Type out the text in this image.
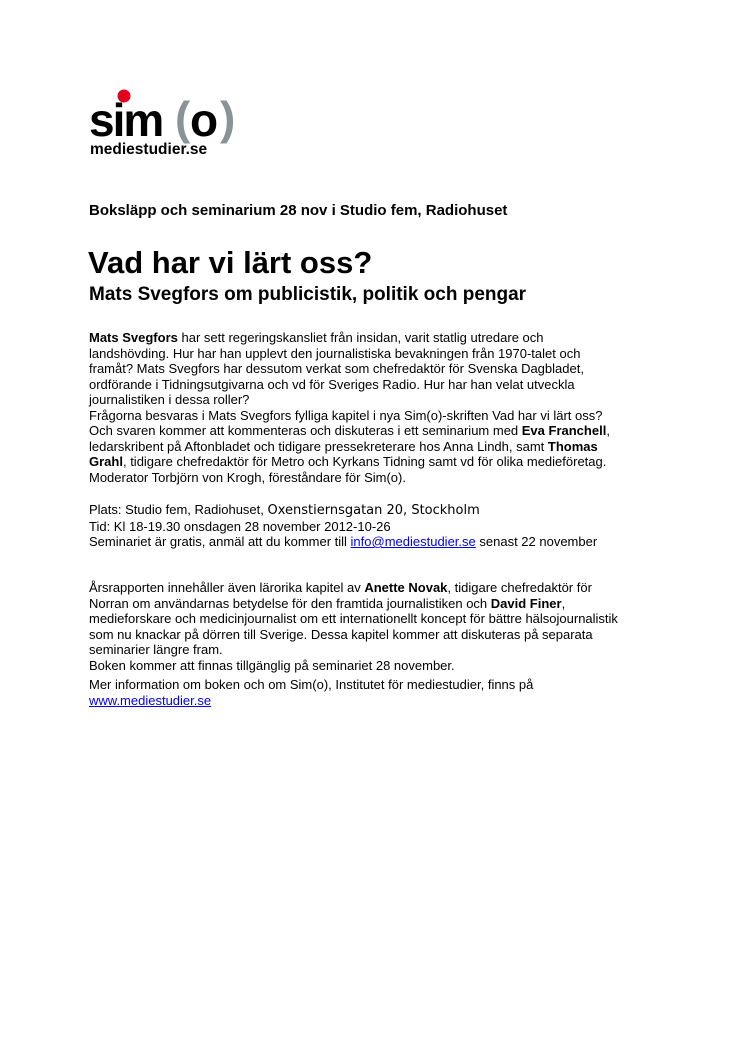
sim ( o )
mediestudier.se
Boksläpp och seminarium 28 nov i Studio fem, Radiohuset
Vad har vi lärt oss?
Mats Svegfors om publicistik, politik och pengar
Mats Svegfors har sett regeringskansliet från insidan, varit statlig utredare och
landshövding. Hur har han upplevt den journalistiska bevakningen från 1970-talet och
framåt? Mats Svegfors har dessutom verkat som chefredaktör för Svenska Dagbladet,
ordförande i Tidningsutgivarna och vd för Sveriges Radio. Hur har han velat utveckla
journalistiken i dessa roller?
Frågorna besvaras i Mats Svegfors fylliga kapitel i nya Sim(o)-skriften Vad har vi lärt oss?
Och svaren kommer att kommenteras och diskuteras i ett seminarium med Eva Franchell,
ledarskribent på Aftonbladet och tidigare pressekreterare hos Anna Lindh, samt Thomas
Grahl, tidigare chefredaktör för Metro och Kyrkans Tidning samt vd för olika medieföretag.
Moderator Torbjörn von Krogh, föreståndare för Sim(o).
Plats: Studio fem, Radiohuset, Oxenstiernsgatan 20, Stockholm
Tid: Kl 18-19.30 onsdagen 28 november 2012-10-26
Seminariet är gratis, anmäl att du kommer till info@mediestudier.se senast 22 november
Årsrapporten innehåller även lärorika kapitel av Anette Novak, tidigare chefredaktör för
Norran om användarnas betydelse för den framtida journalistiken och David Finer,
medieforskare och medicinjournalist om ett internationellt koncept för bättre hälsojournalistik
som nu knackar på dörren till Sverige. Dessa kapitel kommer att diskuteras på separata
seminarier längre fram.
Boken kommer att finnas tillgänglig på seminariet 28 november.
Mer information om boken och om Sim(o), Institutet för mediestudier, finns på
www.mediestudier.se
